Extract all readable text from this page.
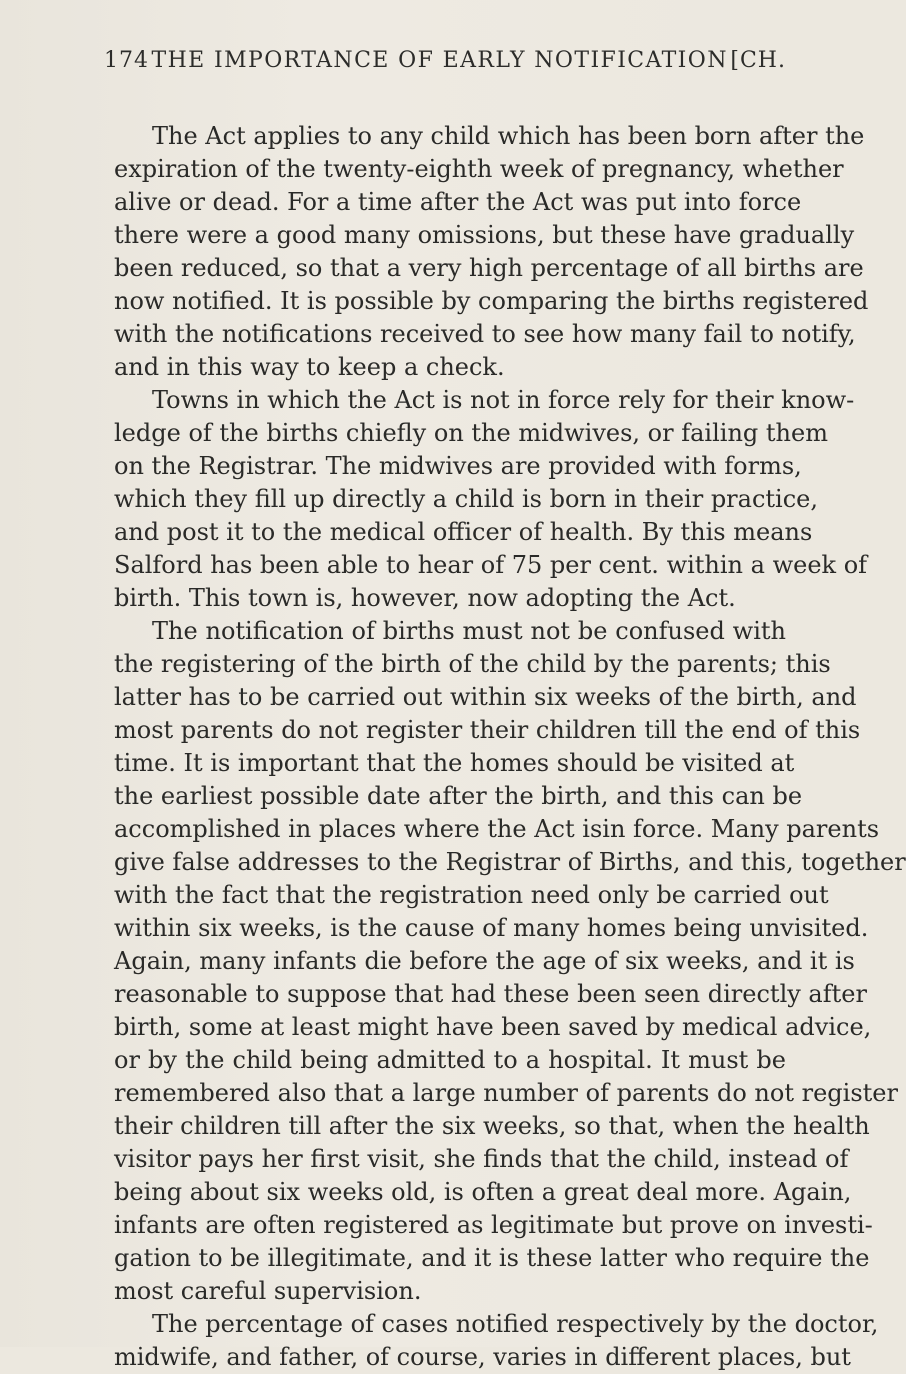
174 THE IMPORTANCE OF EARLY NOTIFICATION [CH.
The Act applies to any child which has been born after the
expiration of the twenty-eighth week of pregnancy, whether
alive or dead. For a time after the Act was put into force
there were a good many omissions, but these have gradually
been reduced, so that a very high percentage of all births are
now notified. It is possible by comparing the births registered
with the notifications received to see how many fail to notify,
and in this way to keep a check.
Towns in which the Act is not in force rely for their know-
ledge of the births chiefly on the midwives, or failing them
on the Registrar. The midwives are provided with forms,
which they fill up directly a child is born in their practice,
and post it to the medical officer of health. By this means
Salford has been able to hear of 75 per cent. within a week of
birth. This town is, however, now adopting the Act.
The notification of births must not be confused with
the registering of the birth of the child by the parents; this
latter has to be carried out within six weeks of the birth, and
most parents do not register their children till the end of this
time. It is important that the homes should be visited at
the earliest possible date after the birth, and this can be
accomplished in places where the Act isin force. Many parents
give false addresses to the Registrar of Births, and this, together
with the fact that the registration need only be carried out
within six weeks, is the cause of many homes being unvisited.
Again, many infants die before the age of six weeks, and it is
reasonable to suppose that had these been seen directly after
birth, some at least might have been saved by medical advice,
or by the child being admitted to a hospital. It must be
remembered also that a large number of parents do not register
their children till after the six weeks, so that, when the health
visitor pays her first visit, she finds that the child, instead of
being about six weeks old, is often a great deal more. Again,
infants are often registered as legitimate but prove on investi-
gation to be illegitimate, and it is these latter who require the
most careful supervision.
The percentage of cases notified respectively by the doctor,
midwife, and father, of course, varies in different places, but
